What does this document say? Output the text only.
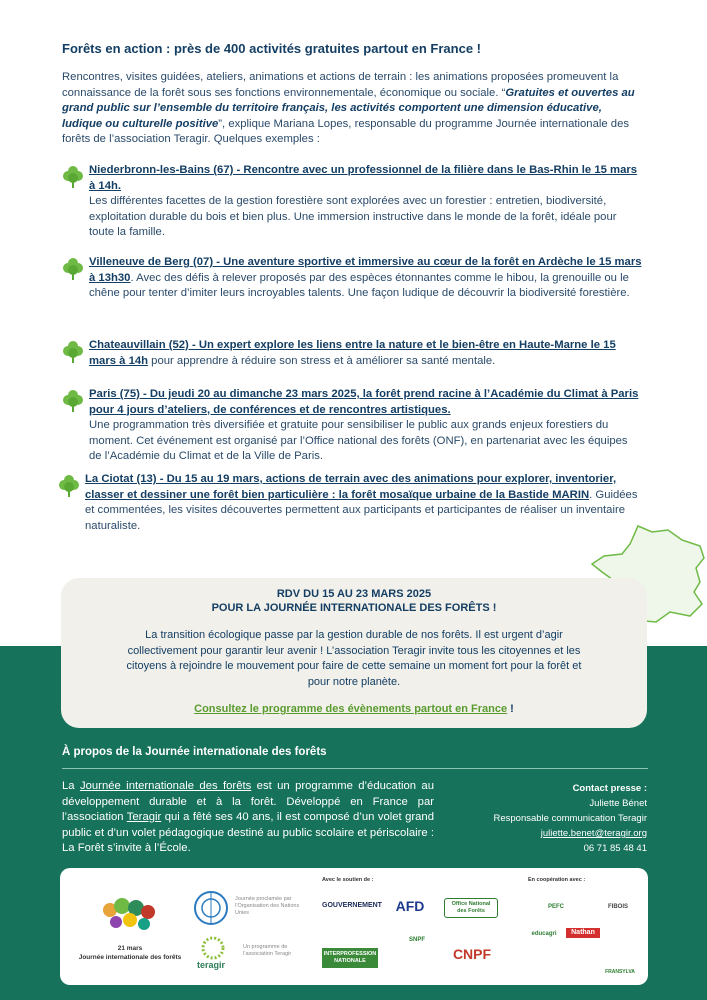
Forêts en action : près de 400 activités gratuites partout en France !
Rencontres, visites guidées, ateliers, animations et actions de terrain : les animations proposées promeuvent la connaissance de la forêt sous ses fonctions environnementale, économique ou sociale. “Gratuites et ouvertes au grand public sur l’ensemble du territoire français, les activités comportent une dimension éducative, ludique ou culturelle positive”, explique Mariana Lopes, responsable du programme Journée internationale des forêts de l’association Teragir. Quelques exemples :

Niederbronn-les-Bains (67) - Rencontre avec un professionnel de la filière dans le Bas-Rhin le 15 mars à 14h.

Les différentes facettes de la gestion forestière sont explorées avec un forestier : entretien, biodiversité, exploitation durable du bois et bien plus. Une immersion instructive dans le monde de la forêt, idéale pour toute la famille.

Villeneuve de Berg (07) - Une aventure sportive et immersive au cœur de la forêt en Ardèche le 15 mars à 13h30. Avec des défis à relever proposés par des espèces étonnantes comme le hibou, la grenouille ou le chêne pour tenter d’imiter leurs incroyables talents. Une façon ludique de découvrir la biodiversité forestière.
Chateauvillain (52) - Un expert explore les liens entre la nature et le bien-être en Haute-Marne le 15 mars à 14h pour apprendre à réduire son stress et à améliorer sa santé mentale.

Paris (75) - Du jeudi 20 au dimanche 23 mars 2025, la forêt prend racine à l’Académie du Climat à Paris pour 4 jours d’ateliers, de conférences et de rencontres artistiques.

Une programmation très diversifiée et gratuite pour sensibiliser le public aux grands enjeux forestiers du moment. Cet événement est organisé par l’Office national des forêts (ONF), en partenariat avec les équipes de l’Académie du Climat et de la Ville de Paris.

La Ciotat (13) - Du 15 au 19 mars, actions de terrain avec des animations pour explorer, inventorier, classer et dessiner une forêt bien particulière : la forêt mosaïque urbaine de la Bastide MARIN. Guidées et commentées, les visites découvertes permettent aux participants et participantes de réaliser un inventaire naturaliste.
RDV DU 15 AU 23 MARS 2025
POUR LA JOURNÉE INTERNATIONALE DES FORÊTS !
La transition écologique passe par la gestion durable de nos forêts. Il est urgent d’agir collectivement pour garantir leur avenir ! L’association Teragir invite tous les citoyennes et les citoyens à rejoindre le mouvement pour faire de cette semaine un moment fort pour la forêt et pour notre planète.
Consultez le programme des évènements partout en France !
À propos de la Journée internationale des forêts
La Journée internationale des forêts est un programme d’éducation au développement durable et à la forêt. Développé en France par l’association Teragir qui a fêté ses 40 ans, il est composé d’un volet grand public et d’un volet pédagogique destiné au public scolaire et périscolaire : La Forêt s’invite à l’École.
Contact presse :
Juliette Bénet
Responsable communication Teragir
juliette.benet@teragir.org
06 71 85 48 41
21 mars
Journée internationale des forêts
Journée proclamée par l’Organisation des Nations Unies
teragir
Un programme de l’association Teragir
Avec le soutien de :
GOUVERNEMENT AFD	Office National des Forêts
INTERPROFESSION NATIONALE
SNPF
CNPF
En coopération avec :
PEFC	FIBOIS
educagri	Nathan
FRANSYLVA
